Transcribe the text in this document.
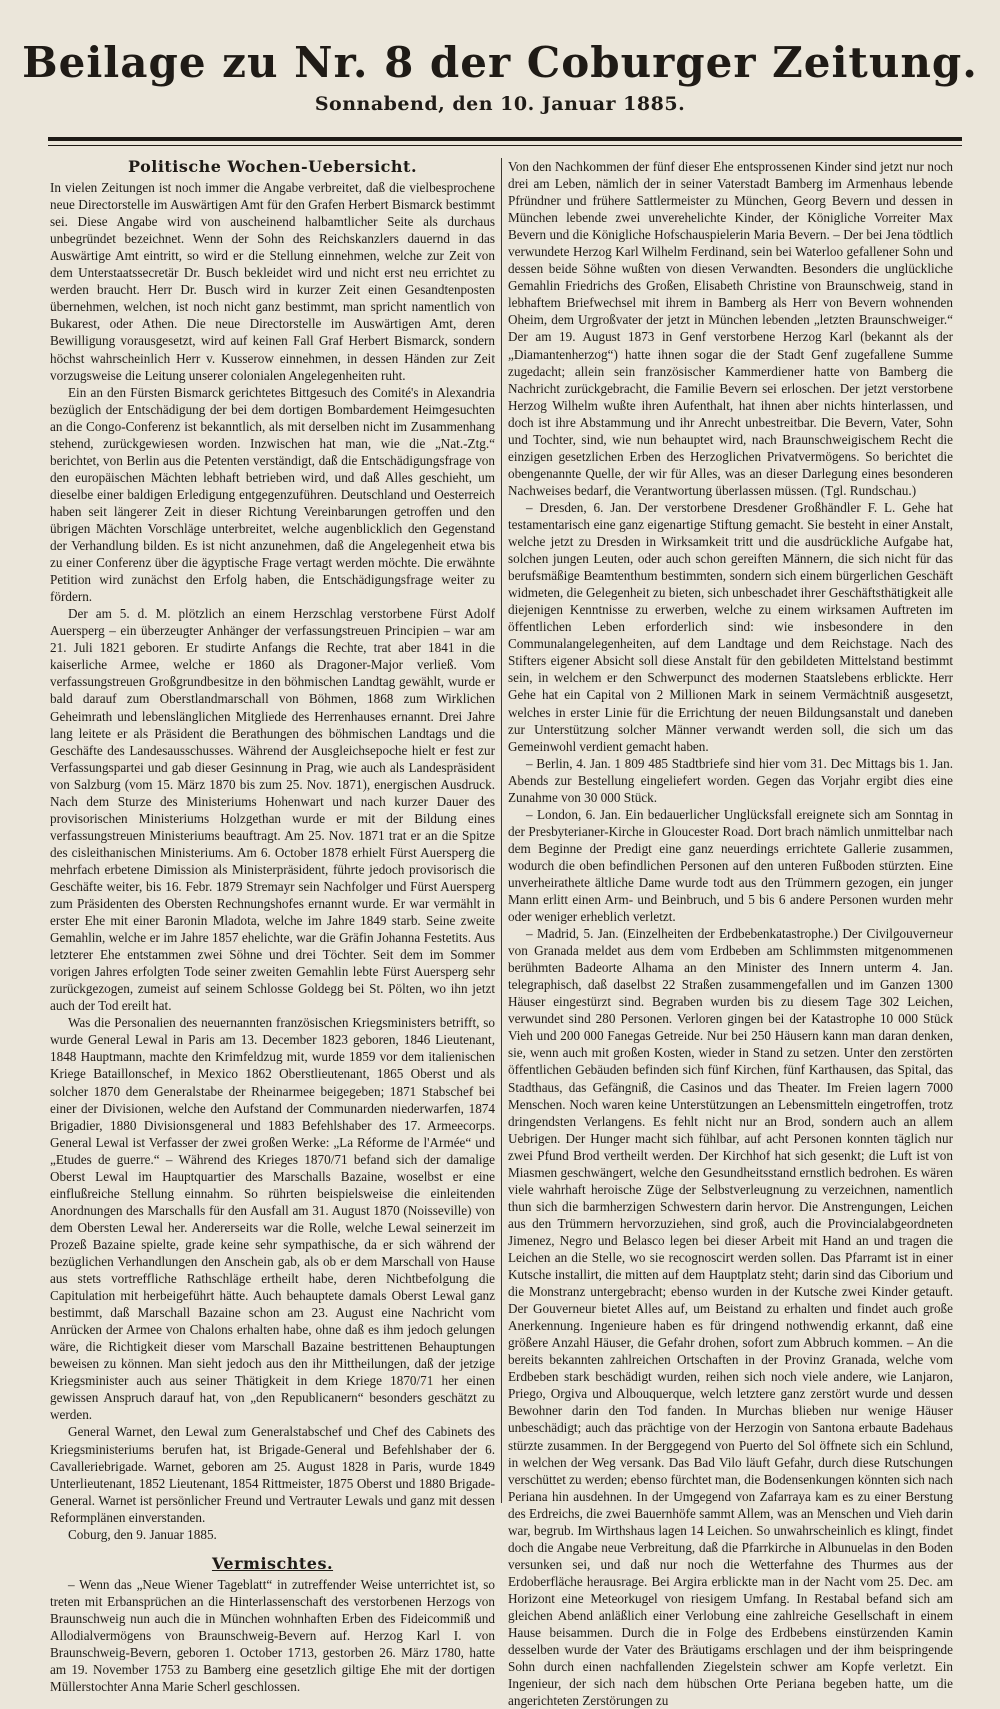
Beilage zu Nr. 8 der Coburger Zeitung.
Sonnabend, den 10. Januar 1885.
Politische Wochen-Uebersicht.

In vielen Zeitungen ist noch immer die Angabe verbreitet, daß die vielbesprochene neue Directorstelle im Auswärtigen Amt für den Grafen Herbert Bismarck bestimmt sei. Diese Angabe wird von auscheinend halbamtlicher Seite als durchaus unbegründet bezeichnet. Wenn der Sohn des Reichskanzlers dauernd in das Auswärtige Amt eintritt, so wird er die Stellung einnehmen, welche zur Zeit von dem Unterstaatssecretär Dr. Busch bekleidet wird und nicht erst neu errichtet zu werden braucht. Herr Dr. Busch wird in kurzer Zeit einen Gesandtenposten übernehmen, welchen, ist noch nicht ganz bestimmt, man spricht namentlich von Bukarest, oder Athen. Die neue Directorstelle im Auswärtigen Amt, deren Bewilligung vorausgesetzt, wird auf keinen Fall Graf Herbert Bismarck, sondern höchst wahrscheinlich Herr v. Kusserow einnehmen, in dessen Händen zur Zeit vorzugsweise die Leitung unserer colonialen Angelegenheiten ruht.

Ein an den Fürsten Bismarck gerichtetes Bittgesuch des Comité's in Alexandria bezüglich der Entschädigung der bei dem dortigen Bombardement Heimgesuchten an die Congo-Conferenz ist bekanntlich, als mit derselben nicht im Zusammenhang stehend, zurückgewiesen worden. Inzwischen hat man, wie die „Nat.-Ztg.“ berichtet, von Berlin aus die Petenten verständigt, daß die Entschädigungsfrage von den europäischen Mächten lebhaft betrieben wird, und daß Alles geschieht, um dieselbe einer baldigen Erledigung entgegenzuführen. Deutschland und Oesterreich haben seit längerer Zeit in dieser Richtung Vereinbarungen getroffen und den übrigen Mächten Vorschläge unterbreitet, welche augenblicklich den Gegenstand der Verhandlung bilden. Es ist nicht anzunehmen, daß die Angelegenheit etwa bis zu einer Conferenz über die ägyptische Frage vertagt werden möchte. Die erwähnte Petition wird zunächst den Erfolg haben, die Entschädigungsfrage weiter zu fördern.

Der am 5. d. M. plötzlich an einem Herzschlag verstorbene Fürst Adolf Auersperg – ein überzeugter Anhänger der verfassungstreuen Principien – war am 21. Juli 1821 geboren. Er studirte Anfangs die Rechte, trat aber 1841 in die kaiserliche Armee, welche er 1860 als Dragoner-Major verließ. Vom verfassungstreuen Großgrundbesitze in den böhmischen Landtag gewählt, wurde er bald darauf zum Oberstlandmarschall von Böhmen, 1868 zum Wirklichen Geheimrath und lebenslänglichen Mitgliede des Herrenhauses ernannt. Drei Jahre lang leitete er als Präsident die Berathungen des böhmischen Landtags und die Geschäfte des Landesausschusses. Während der Ausgleichsepoche hielt er fest zur Verfassungspartei und gab dieser Gesinnung in Prag, wie auch als Landespräsident von Salzburg (vom 15. März 1870 bis zum 25. Nov. 1871), energischen Ausdruck. Nach dem Sturze des Ministeriums Hohenwart und nach kurzer Dauer des provisorischen Ministeriums Holzgethan wurde er mit der Bildung eines verfassungstreuen Ministeriums beauftragt. Am 25. Nov. 1871 trat er an die Spitze des cisleithanischen Ministeriums. Am 6. October 1878 erhielt Fürst Auersperg die mehrfach erbetene Dimission als Ministerpräsident, führte jedoch provisorisch die Geschäfte weiter, bis 16. Febr. 1879 Stremayr sein Nachfolger und Fürst Auersperg zum Präsidenten des Obersten Rechnungshofes ernannt wurde. Er war vermählt in erster Ehe mit einer Baronin Mladota, welche im Jahre 1849 starb. Seine zweite Gemahlin, welche er im Jahre 1857 ehelichte, war die Gräfin Johanna Festetits. Aus letzterer Ehe entstammen zwei Söhne und drei Töchter. Seit dem im Sommer vorigen Jahres erfolgten Tode seiner zweiten Gemahlin lebte Fürst Auersperg sehr zurückgezogen, zumeist auf seinem Schlosse Goldegg bei St. Pölten, wo ihn jetzt auch der Tod ereilt hat.

Was die Personalien des neuernannten französischen Kriegsministers betrifft, so wurde General Lewal in Paris am 13. December 1823 geboren, 1846 Lieutenant, 1848 Hauptmann, machte den Krimfeldzug mit, wurde 1859 vor dem italienischen Kriege Bataillonschef, in Mexico 1862 Oberstlieutenant, 1865 Oberst und als solcher 1870 dem Generalstabe der Rheinarmee beigegeben; 1871 Stabschef bei einer der Divisionen, welche den Aufstand der Communarden niederwarfen, 1874 Brigadier, 1880 Divisionsgeneral und 1883 Befehlshaber des 17. Armeecorps. General Lewal ist Verfasser der zwei großen Werke: „La Réforme de l'Armée“ und „Etudes de guerre.“ – Während des Krieges 1870/71 befand sich der damalige Oberst Lewal im Hauptquartier des Marschalls Bazaine, woselbst er eine einflußreiche Stellung einnahm. So rührten beispielsweise die einleitenden Anordnungen des Marschalls für den Ausfall am 31. August 1870 (Noisseville) von dem Obersten Lewal her. Andererseits war die Rolle, welche Lewal seinerzeit im Prozeß Bazaine spielte, grade keine sehr sympathische, da er sich während der bezüglichen Verhandlungen den Anschein gab, als ob er dem Marschall von Hause aus stets vortreffliche Rathschläge ertheilt habe, deren Nichtbefolgung die Capitulation mit herbeigeführt hätte. Auch behauptete damals Oberst Lewal ganz bestimmt, daß Marschall Bazaine schon am 23. August eine Nachricht vom Anrücken der Armee von Chalons erhalten habe, ohne daß es ihm jedoch gelungen wäre, die Richtigkeit dieser vom Marschall Bazaine bestrittenen Behauptungen beweisen zu können. Man sieht jedoch aus den ihr Mittheilungen, daß der jetzige Kriegsminister auch aus seiner Thätigkeit in dem Kriege 1870/71 her einen gewissen Anspruch darauf hat, von „den Republicanern“ besonders geschätzt zu werden.

General Warnet, den Lewal zum Generalstabschef und Chef des Cabinets des Kriegsministeriums berufen hat, ist Brigade-General und Befehlshaber der 6. Cavalleriebrigade. Warnet, geboren am 25. August 1828 in Paris, wurde 1849 Unterlieutenant, 1852 Lieutenant, 1854 Rittmeister, 1875 Oberst und 1880 Brigade-General. Warnet ist persönlicher Freund und Vertrauter Lewals und ganz mit dessen Reformplänen einverstanden.

Coburg, den 9. Januar 1885.

Vermischtes.

– Wenn das „Neue Wiener Tageblatt“ in zutreffender Weise unterrichtet ist, so treten mit Erbansprüchen an die Hinterlassenschaft des verstorbenen Herzogs von Braunschweig nun auch die in München wohnhaften Erben des Fideicommiß und Allodialvermögens von Braunschweig-Bevern auf. Herzog Karl I. von Braunschweig-Bevern, geboren 1. October 1713, gestorben 26. März 1780, hatte am 19. November 1753 zu Bamberg eine gesetzlich giltige Ehe mit der dortigen Müllerstochter Anna Marie Scherl geschlossen.

Von den Nachkommen der fünf dieser Ehe entsprossenen Kinder sind jetzt nur noch drei am Leben, nämlich der in seiner Vaterstadt Bamberg im Armenhaus lebende Pfründner und frühere Sattlermeister zu München, Georg Bevern und dessen in München lebende zwei unverehelichte Kinder, der Königliche Vorreiter Max Bevern und die Königliche Hofschauspielerin Maria Bevern. – Der bei Jena tödtlich verwundete Herzog Karl Wilhelm Ferdinand, sein bei Waterloo gefallener Sohn und dessen beide Söhne wußten von diesen Verwandten. Besonders die unglückliche Gemahlin Friedrichs des Großen, Elisabeth Christine von Braunschweig, stand in lebhaftem Briefwechsel mit ihrem in Bamberg als Herr von Bevern wohnenden Oheim, dem Urgroßvater der jetzt in München lebenden „letzten Braunschweiger.“ Der am 19. August 1873 in Genf verstorbene Herzog Karl (bekannt als der „Diamantenherzog“) hatte ihnen sogar die der Stadt Genf zugefallene Summe zugedacht; allein sein französischer Kammerdiener hatte von Bamberg die Nachricht zurückgebracht, die Familie Bevern sei erloschen. Der jetzt verstorbene Herzog Wilhelm wußte ihren Aufenthalt, hat ihnen aber nichts hinterlassen, und doch ist ihre Abstammung und ihr Anrecht unbestreitbar. Die Bevern, Vater, Sohn und Tochter, sind, wie nun behauptet wird, nach Braunschweigischem Recht die einzigen gesetzlichen Erben des Herzoglichen Privatvermögens. So berichtet die obengenannte Quelle, der wir für Alles, was an dieser Darlegung eines besonderen Nachweises bedarf, die Verantwortung überlassen müssen. (Tgl. Rundschau.)

– Dresden, 6. Jan. Der verstorbene Dresdener Großhändler F. L. Gehe hat testamentarisch eine ganz eigenartige Stiftung gemacht. Sie besteht in einer Anstalt, welche jetzt zu Dresden in Wirksamkeit tritt und die ausdrückliche Aufgabe hat, solchen jungen Leuten, oder auch schon gereiften Männern, die sich nicht für das berufsmäßige Beamtenthum bestimmten, sondern sich einem bürgerlichen Geschäft widmeten, die Gelegenheit zu bieten, sich unbeschadet ihrer Geschäftsthätigkeit alle diejenigen Kenntnisse zu erwerben, welche zu einem wirksamen Auftreten im öffentlichen Leben erforderlich sind: wie insbesondere in den Communalangelegenheiten, auf dem Landtage und dem Reichstage. Nach des Stifters eigener Absicht soll diese Anstalt für den gebildeten Mittelstand bestimmt sein, in welchem er den Schwerpunct des modernen Staatslebens erblickte. Herr Gehe hat ein Capital von 2 Millionen Mark in seinem Vermächtniß ausgesetzt, welches in erster Linie für die Errichtung der neuen Bildungsanstalt und daneben zur Unterstützung solcher Männer verwandt werden soll, die sich um das Gemeinwohl verdient gemacht haben.

– Berlin, 4. Jan. 1 809 485 Stadtbriefe sind hier vom 31. Dec Mittags bis 1. Jan. Abends zur Bestellung eingeliefert worden. Gegen das Vorjahr ergibt dies eine Zunahme von 30 000 Stück.

– London, 6. Jan. Ein bedauerlicher Unglücksfall ereignete sich am Sonntag in der Presbyterianer-Kirche in Gloucester Road. Dort brach nämlich unmittelbar nach dem Beginne der Predigt eine ganz neuerdings errichtete Gallerie zusammen, wodurch die oben befindlichen Personen auf den unteren Fußboden stürzten. Eine unverheirathete ältliche Dame wurde todt aus den Trümmern gezogen, ein junger Mann erlitt einen Arm- und Beinbruch, und 5 bis 6 andere Personen wurden mehr oder weniger erheblich verletzt.

– Madrid, 5. Jan. (Einzelheiten der Erdbebenkatastrophe.) Der Civilgouverneur von Granada meldet aus dem vom Erdbeben am Schlimmsten mitgenommenen berühmten Badeorte Alhama an den Minister des Innern unterm 4. Jan. telegraphisch, daß daselbst 22 Straßen zusammengefallen und im Ganzen 1300 Häuser eingestürzt sind. Begraben wurden bis zu diesem Tage 302 Leichen, verwundet sind 280 Personen. Verloren gingen bei der Katastrophe 10 000 Stück Vieh und 200 000 Fanegas Getreide. Nur bei 250 Häusern kann man daran denken, sie, wenn auch mit großen Kosten, wieder in Stand zu setzen. Unter den zerstörten öffentlichen Gebäuden befinden sich fünf Kirchen, fünf Karthausen, das Spital, das Stadthaus, das Gefängniß, die Casinos und das Theater. Im Freien lagern 7000 Menschen. Noch waren keine Unterstützungen an Lebensmitteln eingetroffen, trotz dringendsten Verlangens. Es fehlt nicht nur an Brod, sondern auch an allem Uebrigen. Der Hunger macht sich fühlbar, auf acht Personen konnten täglich nur zwei Pfund Brod vertheilt werden. Der Kirchhof hat sich gesenkt; die Luft ist von Miasmen geschwängert, welche den Gesundheitsstand ernstlich bedrohen. Es wären viele wahrhaft heroische Züge der Selbstverleugnung zu verzeichnen, namentlich thun sich die barmherzigen Schwestern darin hervor. Die Anstrengungen, Leichen aus den Trümmern hervorzuziehen, sind groß, auch die Provincialabgeordneten Jimenez, Negro und Belasco legen bei dieser Arbeit mit Hand an und tragen die Leichen an die Stelle, wo sie recognoscirt werden sollen. Das Pfarramt ist in einer Kutsche installirt, die mitten auf dem Hauptplatz steht; darin sind das Ciborium und die Monstranz untergebracht; ebenso wurden in der Kutsche zwei Kinder getauft. Der Gouverneur bietet Alles auf, um Beistand zu erhalten und findet auch große Anerkennung. Ingenieure haben es für dringend nothwendig erkannt, daß eine größere Anzahl Häuser, die Gefahr drohen, sofort zum Abbruch kommen. – An die bereits bekannten zahlreichen Ortschaften in der Provinz Granada, welche vom Erdbeben stark beschädigt wurden, reihen sich noch viele andere, wie Lanjaron, Priego, Orgiva und Albouquerque, welch letztere ganz zerstört wurde und dessen Bewohner darin den Tod fanden. In Murchas blieben nur wenige Häuser unbeschädigt; auch das prächtige von der Herzogin von Santona erbaute Badehaus stürzte zusammen. In der Berggegend von Puerto del Sol öffnete sich ein Schlund, in welchen der Weg versank. Das Bad Vilo läuft Gefahr, durch diese Rutschungen verschüttet zu werden; ebenso fürchtet man, die Bodensenkungen könnten sich nach Periana hin ausdehnen. In der Umgegend von Zafarraya kam es zu einer Berstung des Erdreichs, die zwei Bauernhöfe sammt Allem, was an Menschen und Vieh darin war, begrub. Im Wirthshaus lagen 14 Leichen. So unwahrscheinlich es klingt, findet doch die Angabe neue Verbreitung, daß die Pfarrkirche in Albunuelas in den Boden versunken sei, und daß nur noch die Wetterfahne des Thurmes aus der Erdoberfläche herausrage. Bei Argira erblickte man in der Nacht vom 25. Dec. am Horizont eine Meteorkugel von riesigem Umfang. In Restabal befand sich am gleichen Abend anläßlich einer Verlobung eine zahlreiche Gesellschaft in einem Hause beisammen. Durch die in Folge des Erdbebens einstürzenden Kamin desselben wurde der Vater des Bräutigams erschlagen und der ihm beispringende Sohn durch einen nachfallenden Ziegelstein schwer am Kopfe verletzt. Ein Ingenieur, der sich nach dem hübschen Orte Periana begeben hatte, um die angerichteten Zerstörungen zu
